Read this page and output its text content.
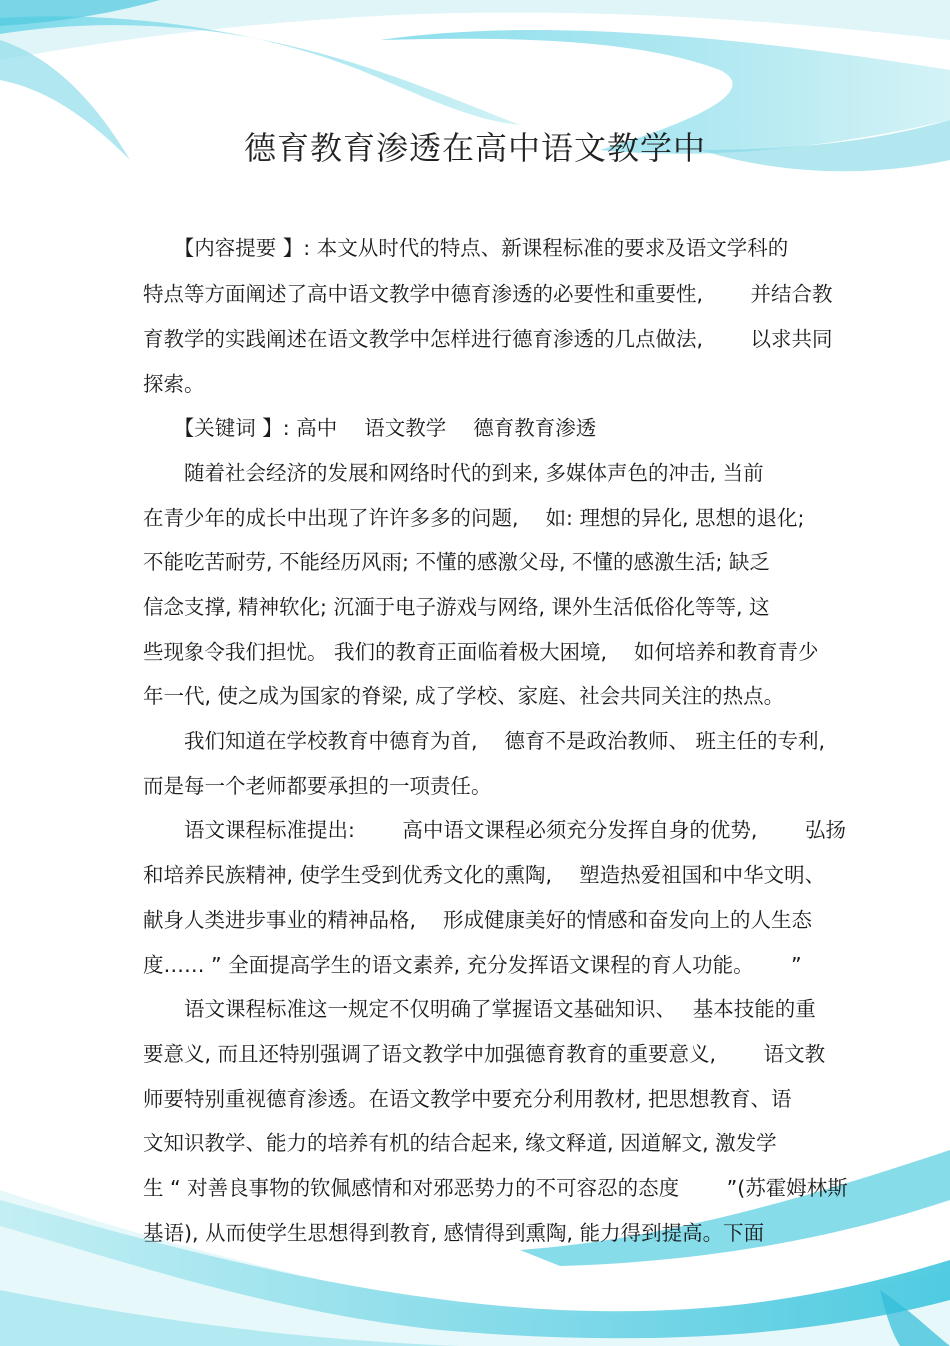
德育教育渗透在高中语文教学中
　　【内容提要 】: 本文从时代的特点、新课程标准的要求及语文学科的
特点等方面阐述了高中语文教学中德育渗透的必要性和重要性,　　 并结合教
育教学的实践阐述在语文教学中怎样进行德育渗透的几点做法,　　 以求共同
探索。
　　【关键词 】: 高中　 语文教学　 德育教育渗透
　　随着社会经济的发展和网络时代的到来, 多媒体声色的冲击, 当前
在青少年的成长中出现了许许多多的问题,　 如: 理想的异化, 思想的退化;
不能吃苦耐劳, 不能经历风雨; 不懂的感激父母, 不懂的感激生活; 缺乏
信念支撑, 精神软化; 沉湎于电子游戏与网络, 课外生活低俗化等等, 这
些现象令我们担忧。 我们的教育正面临着极大困境,　 如何培养和教育青少
年一代, 使之成为国家的脊梁, 成了学校、家庭、社会共同关注的热点。
　　我们知道在学校教育中德育为首,　 德育不是政治教师、 班主任的专利,
而是每一个老师都要承担的一项责任。
　　语文课程标准提出:　　 高中语文课程必须充分发挥自身的优势,　　 弘扬
和培养民族精神, 使学生受到优秀文化的熏陶,　 塑造热爱祖国和中华文明、
献身人类进步事业的精神品格,　 形成健康美好的情感和奋发向上的人生态
度…… ” 全面提高学生的语文素养, 充分发挥语文课程的育人功能。　　 ”
　　语文课程标准这一规定不仅明确了掌握语文基础知识、　 基本技能的重
要意义, 而且还特别强调了语文教学中加强德育教育的重要意义,　　 语文教
师要特别重视德育渗透。在语文教学中要充分利用教材, 把思想教育、语
文知识教学、能力的培养有机的结合起来, 缘文释道, 因道解文, 激发学
生 “ 对善良事物的钦佩感情和对邪恶势力的不可容忍的态度　　 ”(苏霍姆林斯
基语), 从而使学生思想得到教育, 感情得到熏陶, 能力得到提高。下面
